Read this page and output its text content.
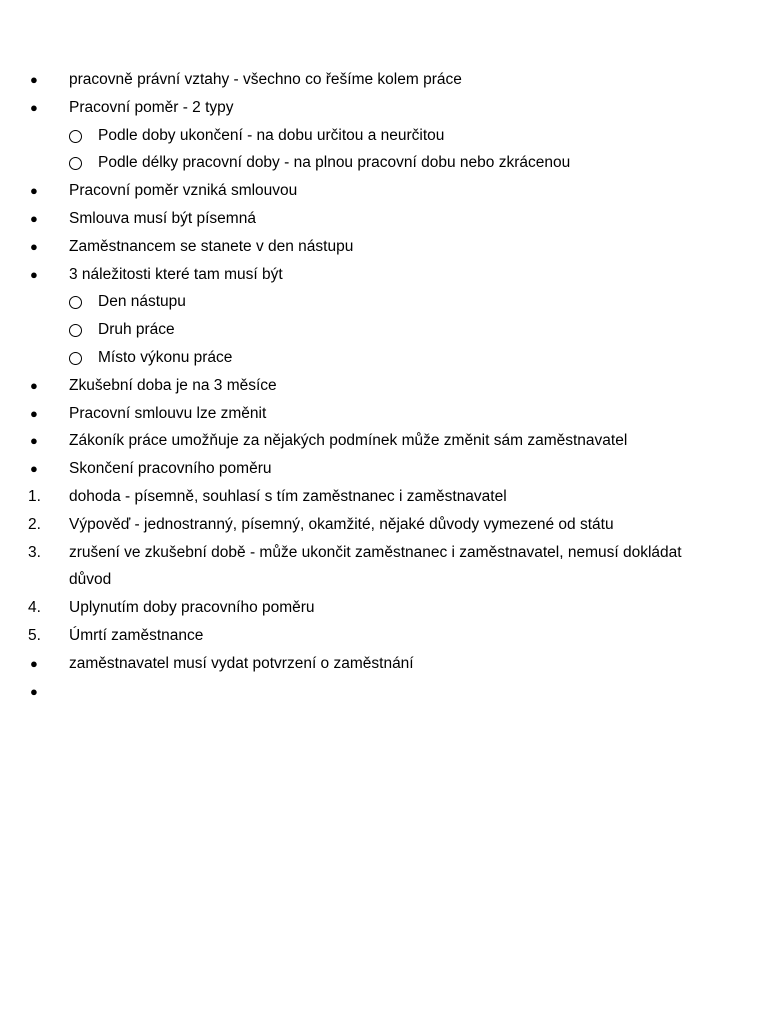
● pracovně právní vztahy - všechno co řešíme kolem práce
● Pracovní poměr - 2 typy
Podle doby ukončení - na dobu určitou a neurčitou
Podle délky pracovní doby - na plnou pracovní dobu nebo zkrácenou
● Pracovní poměr vzniká smlouvou
● Smlouva musí být písemná
● Zaměstnancem se stanete v den nástupu
● 3 náležitosti které tam musí být
Den nástupu
Druh práce
Místo výkonu práce
● Zkušební doba je na 3 měsíce
● Pracovní smlouvu lze změnit
● Zákoník práce umožňuje za nějakých podmínek může změnit sám zaměstnavatel
● Skončení pracovního poměru
1. dohoda - písemně, souhlasí s tím zaměstnanec i zaměstnavatel
2. Výpověď - jednostranný, písemný, okamžité, nějaké důvody vymezené od státu
3. zrušení ve zkušební době - může ukončit zaměstnanec i zaměstnavatel, nemusí dokládat
důvod
4. Uplynutím doby pracovního poměru
5. Úmrtí zaměstnance
● zaměstnavatel musí vydat potvrzení o zaměstnání
●
